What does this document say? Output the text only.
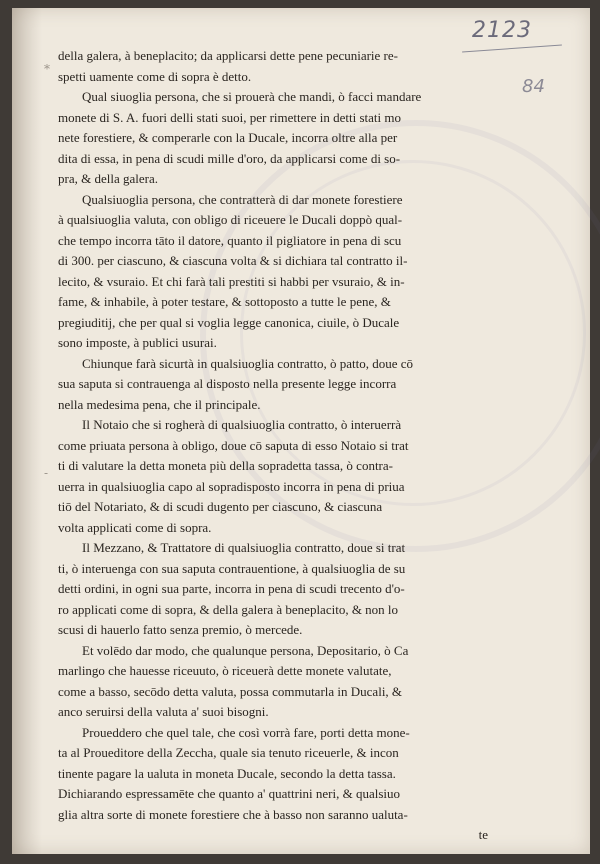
2123
84
*
-
della galera, à beneplacito; da applicarsi dette pene pecuniarie re-
spetti uamente come di sopra è detto.
Qual siuoglia persona, che si prouerà che mandi, ò facci mandare
monete di S. A. fuori delli stati suoi, per rimettere in detti stati mo
nete forestiere, & comperarle con la Ducale, incorra oltre alla per
dita di essa, in pena di scudi mille d'oro, da applicarsi come di so-
pra, & della galera.
Qualsiuoglia persona, che contratterà di dar monete forestiere
à qualsiuoglia valuta, con obligo di riceuere le Ducali doppò qual-
che tempo incorra tāto il datore, quanto il pigliatore in pena di scu
di 300. per ciascuno, & ciascuna volta & si dichiara tal contratto il-
lecito, & vsuraio. Et chi farà tali prestiti si habbi per vsuraio, & in-
fame, & inhabile, à poter testare, & sottoposto a tutte le pene, &
pregiuditij, che per qual si voglia legge canonica, ciuile, ò Ducale
sono imposte, à publici usurai.
Chiunque farà sicurtà in qualsiuoglia contratto, ò patto, doue cō
sua saputa si contrauenga al disposto nella presente legge incorra
nella medesima pena, che il principale.
Il Notaio che si rogherà di qualsiuoglia contratto, ò interuerrà
come priuata persona à obligo, doue cō saputa di esso Notaio si trat
ti di valutare la detta moneta più della sopradetta tassa, ò contra-
uerra in qualsiuoglia capo al sopradisposto incorra in pena di priua
tiō del Notariato, & di scudi dugento per ciascuno, & ciascuna
volta applicati come di sopra.
Il Mezzano, & Trattatore di qualsiuoglia contratto, doue si trat
ti, ò interuenga con sua saputa contrauentione, à qualsiuoglia de su
detti ordini, in ogni sua parte, incorra in pena di scudi trecento d'o-
ro applicati come di sopra, & della galera à beneplacito, & non lo
scusi di hauerlo fatto senza premio, ò mercede.
Et volēdo dar modo, che qualunque persona, Depositario, ò Ca
marlingo che hauesse riceuuto, ò riceuerà dette monete valutate,
come a basso, secōdo detta valuta, possa commutarla in Ducali, &
anco seruirsi della valuta a' suoi bisogni.
Proueddero che quel tale, che così vorrà fare, porti detta mone-
ta al Proueditore della Zeccha, quale sia tenuto riceuerle, & incon
tinente pagare la ualuta in moneta Ducale, secondo la detta tassa.
Dichiarando espressamēte che quanto a' quattrini neri, & qualsiuo
glia altra sorte di monete forestiere che à basso non saranno ualuta-
te
